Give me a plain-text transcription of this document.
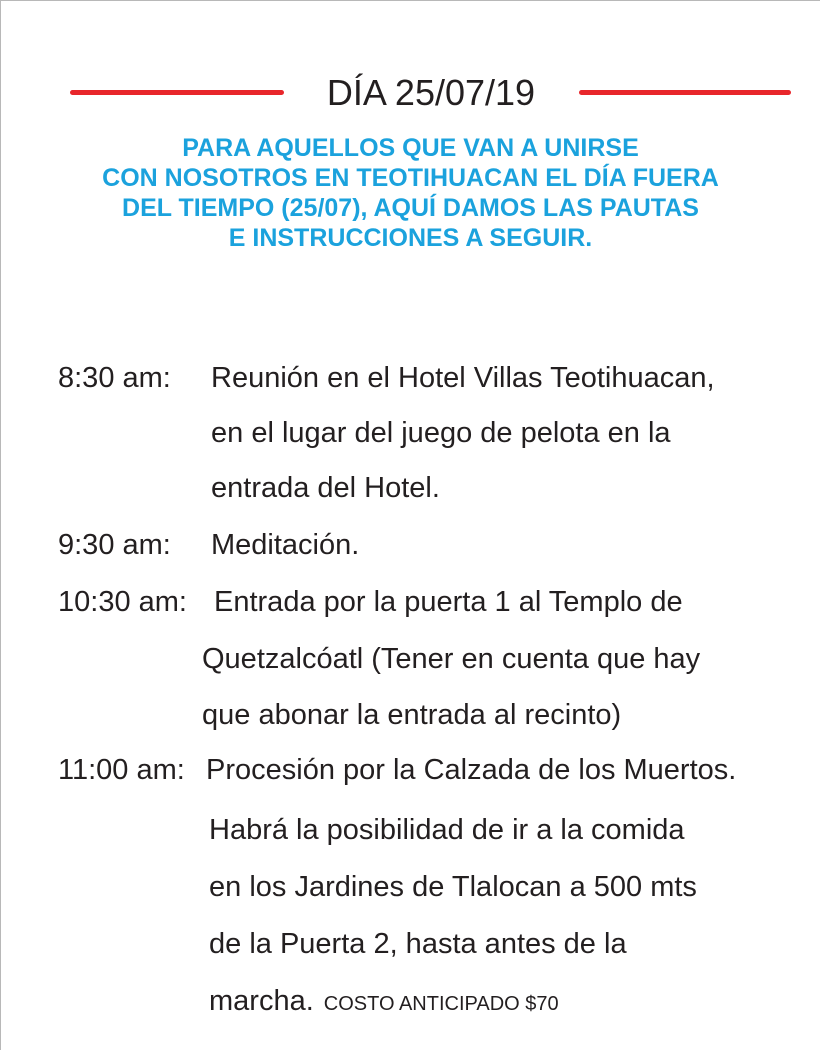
DÍA 25/07/19
PARA AQUELLOS QUE VAN A UNIRSE
CON NOSOTROS EN TEOTIHUACAN EL DÍA FUERA
DEL TIEMPO (25/07), AQUÍ DAMOS LAS PAUTAS
E INSTRUCCIONES A SEGUIR.
8:30 am: Reunión en el Hotel Villas Teotihuacan,
en el lugar del juego de pelota en la
entrada del Hotel.
9:30 am: Meditación.
10:30 am: Entrada por la puerta 1 al Templo de
Quetzalcóatl (Tener en cuenta que hay
que abonar la entrada al recinto)
11:00 am: Procesión por la Calzada de los Muertos.
Habrá la posibilidad de ir a la comida
en los Jardines de Tlalocan a 500 mts
de la Puerta 2, hasta antes de la
marcha. COSTO ANTICIPADO $70
